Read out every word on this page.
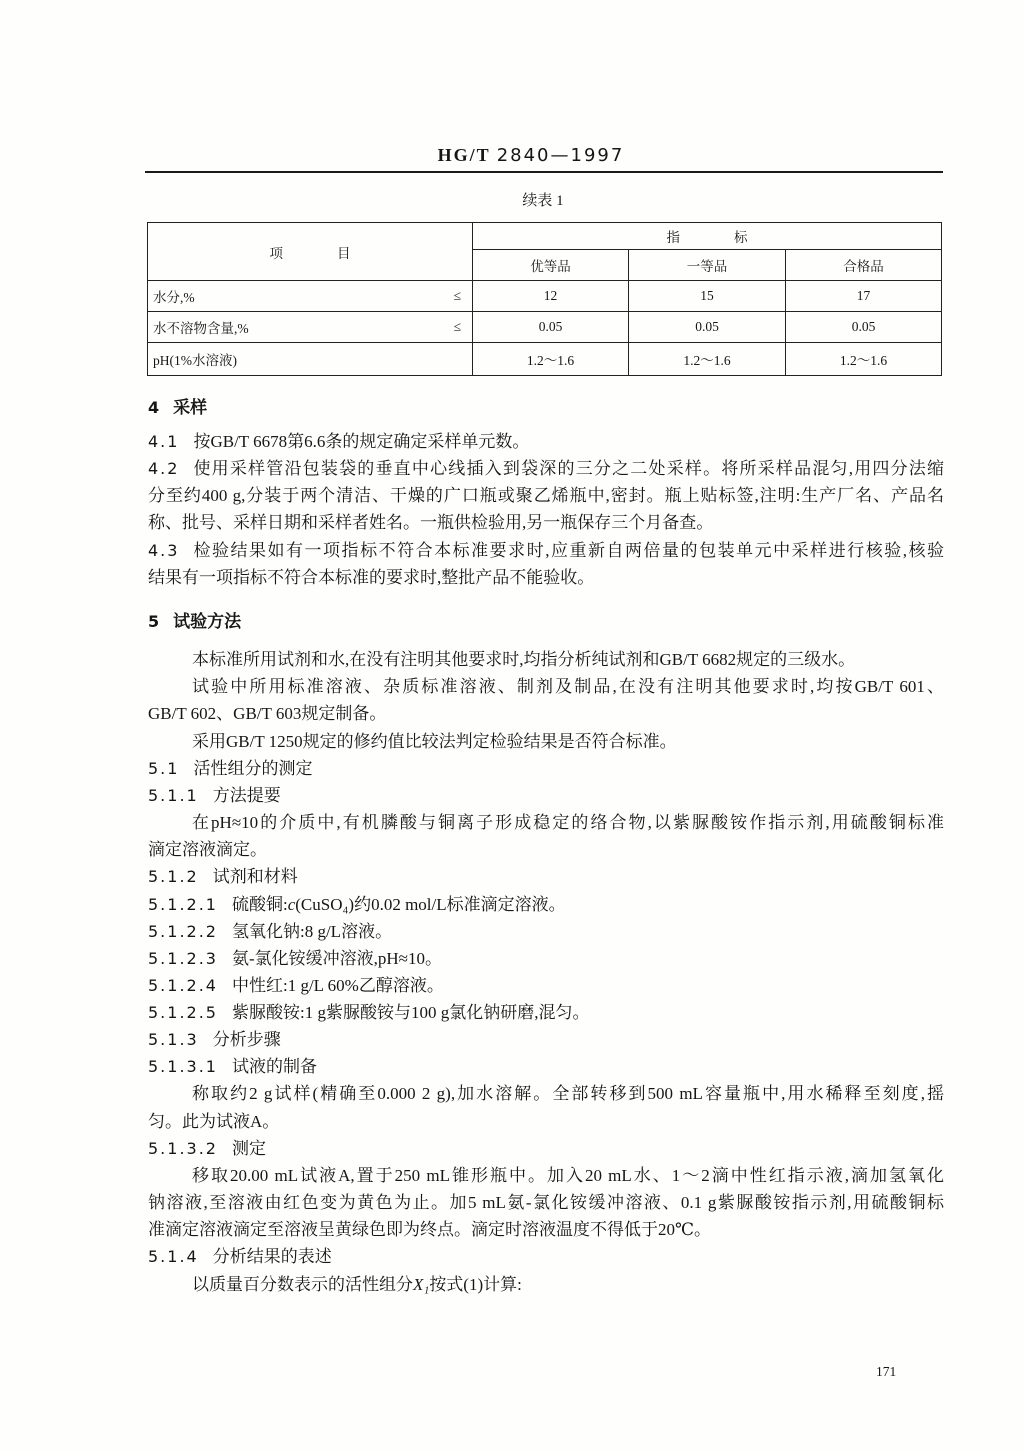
HG/T 2840—1997
续表 1
项　　目	指　　标		
	优等品	一等品	合格品

水分,% ≤	12	15	17

水不溶物含量,% ≤	0.05	0.05	0.05

pH(1%水溶液)	1.2～1.6	1.2～1.6	1.2～1.6
4 采样
4.1 按GB/T 6678第6.6条的规定确定采样单元数。
4.2 使用采样管沿包装袋的垂直中心线插入到袋深的三分之二处采样。将所采样品混匀,用四分法缩
分至约400 g,分装于两个清洁、干燥的广口瓶或聚乙烯瓶中,密封。瓶上贴标签,注明:生产厂名、产品名
称、批号、采样日期和采样者姓名。一瓶供检验用,另一瓶保存三个月备查。
4.3 检验结果如有一项指标不符合本标准要求时,应重新自两倍量的包装单元中采样进行核验,核验
结果有一项指标不符合本标准的要求时,整批产品不能验收。
5 试验方法
本标准所用试剂和水,在没有注明其他要求时,均指分析纯试剂和GB/T 6682规定的三级水。
试验中所用标准溶液、杂质标准溶液、制剂及制品,在没有注明其他要求时,均按GB/T 601、
GB/T 602、GB/T 603规定制备。
采用GB/T 1250规定的修约值比较法判定检验结果是否符合标准。
5.1 活性组分的测定
5.1.1 方法提要
在pH≈10的介质中,有机膦酸与铜离子形成稳定的络合物,以紫脲酸铵作指示剂,用硫酸铜标准
滴定溶液滴定。
5.1.2 试剂和材料
5.1.2.1 硫酸铜:c(CuSO₄)约0.02 mol/L标准滴定溶液。
5.1.2.2 氢氧化钠:8 g/L溶液。
5.1.2.3 氨-氯化铵缓冲溶液,pH≈10。
5.1.2.4 中性红:1 g/L 60%乙醇溶液。
5.1.2.5 紫脲酸铵:1 g紫脲酸铵与100 g氯化钠研磨,混匀。
5.1.3 分析步骤
5.1.3.1 试液的制备
称取约2 g试样(精确至0.000 2 g),加水溶解。全部转移到500 mL容量瓶中,用水稀释至刻度,摇
匀。此为试液A。
5.1.3.2 测定
移取20.00 mL试液A,置于250 mL锥形瓶中。加入20 mL水、1～2滴中性红指示液,滴加氢氧化
钠溶液,至溶液由红色变为黄色为止。加5 mL氨-氯化铵缓冲溶液、0.1 g紫脲酸铵指示剂,用硫酸铜标
准滴定溶液滴定至溶液呈黄绿色即为终点。滴定时溶液温度不得低于20℃。
5.1.4 分析结果的表述
以质量百分数表示的活性组分X₁按式(1)计算:
171
